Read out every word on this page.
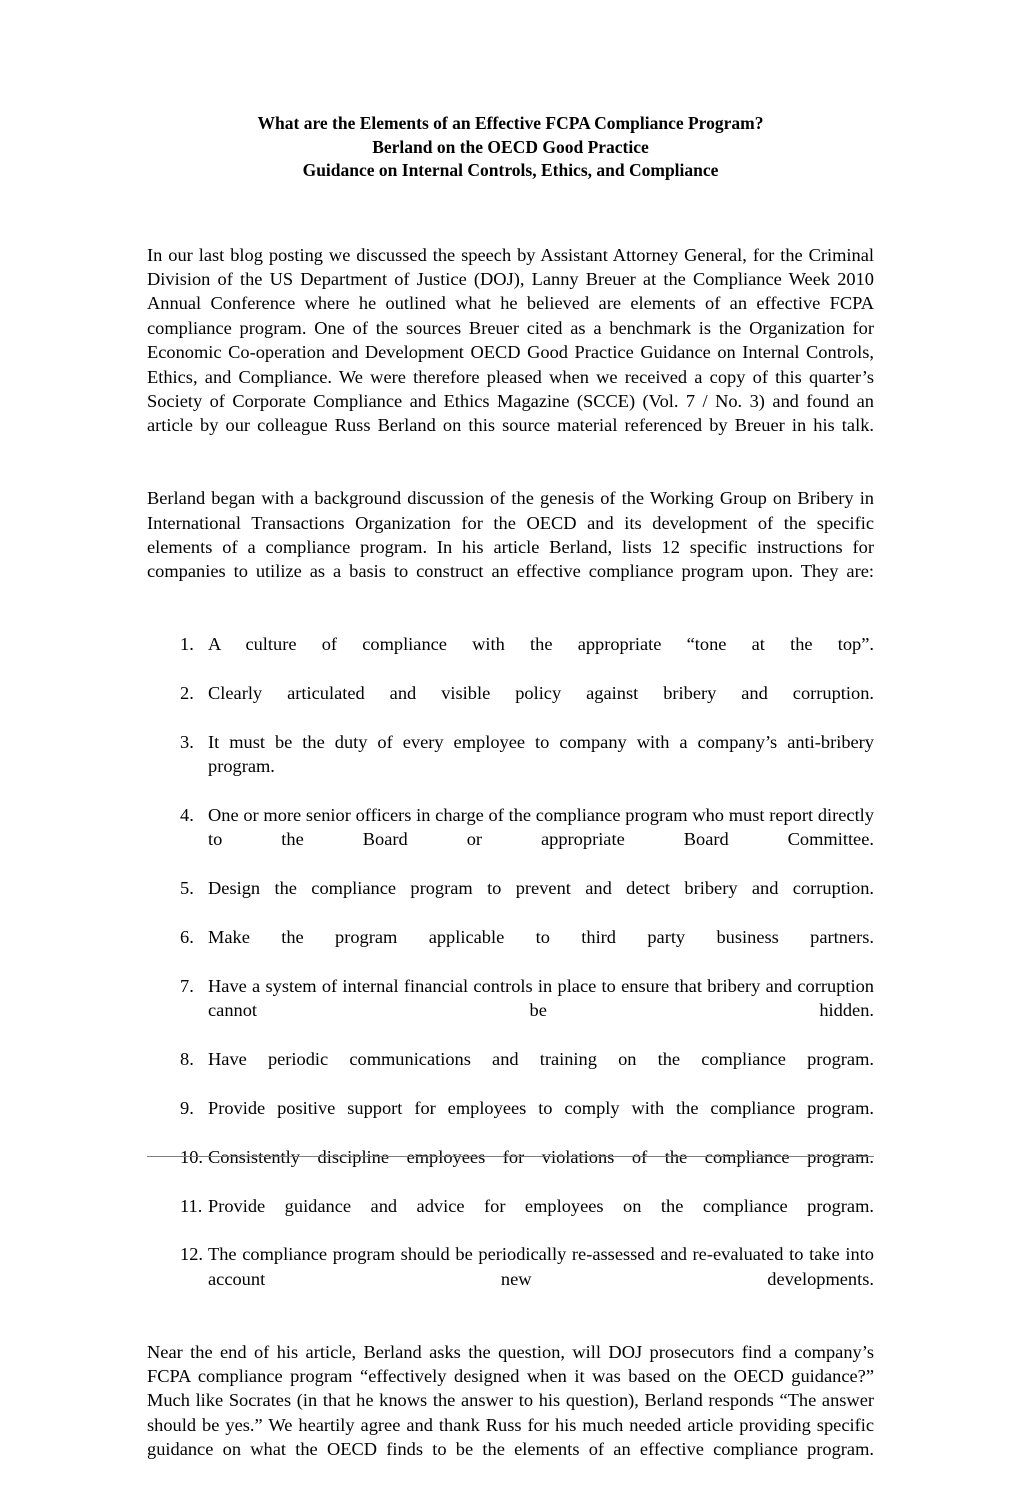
What are the Elements of an Effective FCPA Compliance Program?
Berland on the OECD Good Practice
Guidance on Internal Controls, Ethics, and Compliance

In our last blog posting we discussed the speech by Assistant Attorney General, for the Criminal Division of the US Department of Justice (DOJ), Lanny Breuer at the Compliance Week 2010 Annual Conference where he outlined what he believed are elements of an effective FCPA compliance program. One of the sources Breuer cited as a benchmark is the Organization for Economic Co-operation and Development OECD Good Practice Guidance on Internal Controls, Ethics, and Compliance. We were therefore pleased when we received a copy of this quarter’s Society of Corporate Compliance and Ethics Magazine (SCCE) (Vol. 7 / No. 3) and found an article by our colleague Russ Berland on this source material referenced by Breuer in his talk.

Berland began with a background discussion of the genesis of the Working Group on Bribery in International Transactions Organization for the OECD and its development of the specific elements of a compliance program. In his article Berland, lists 12 specific instructions for companies to utilize as a basis to construct an effective compliance program upon. They are:

1. A culture of compliance with the appropriate “tone at the top”.
2. Clearly articulated and visible policy against bribery and corruption.
3. It must be the duty of every employee to company with a company’s anti-bribery program.
4. One or more senior officers in charge of the compliance program who must report directly to the Board or appropriate Board Committee.
5. Design the compliance program to prevent and detect bribery and corruption.
6. Make the program applicable to third party business partners.
7. Have a system of internal financial controls in place to ensure that bribery and corruption cannot be hidden.
8. Have periodic communications and training on the compliance program.
9. Provide positive support for employees to comply with the compliance program.
10. Consistently discipline employees for violations of the compliance program.
11. Provide guidance and advice for employees on the compliance program.
12. The compliance program should be periodically re-assessed and re-evaluated to take into account new developments.

Near the end of his article, Berland asks the question, will DOJ prosecutors find a company’s FCPA compliance program “effectively designed when it was based on the OECD guidance?” Much like Socrates (in that he knows the answer to his question), Berland responds “The answer should be yes.” We heartily agree and thank Russ for his much needed article providing specific guidance on what the OECD finds to be the elements of an effective compliance program.
